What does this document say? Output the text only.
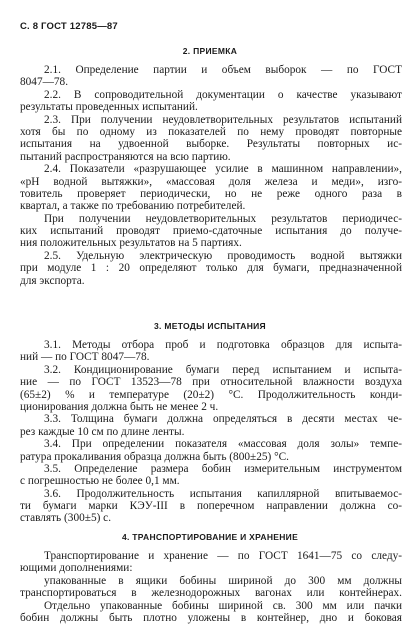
С. 8 ГОСТ 12785—87
2. ПРИЕМКА
2.1. Определение партии и объем выборок — по ГОСТ
8047—78.
2.2. В сопроводительной документации о качестве указывают
результаты проведенных испытаний.
2.3. При получении неудовлетворительных результатов испытаний
хотя бы по одному из показателей по нему проводят повторные
испытания на удвоенной выборке. Результаты повторных ис-
пытаний распространяются на всю партию.
2.4. Показатели «разрушающее усилие в машинном направлении»,
«pH водной вытяжки», «массовая доля железа и меди», изго-
товитель проверяет периодически, но не реже одного раза в
квартал, а также по требованию потребителей.
При получении неудовлетворительных результатов периодичес-
ких испытаний проводят приемо-сдаточные испытания до получе-
ния положительных результатов на 5 партиях.
2.5. Удельную электрическую проводимость водной вытяжки
при модуле 1 : 20 определяют только для бумаги, предназначенной
для экспорта.
3. МЕТОДЫ ИСПЫТАНИЯ
3.1. Методы отбора проб и подготовка образцов для испыта-
ний — по ГОСТ 8047—78.
3.2. Кондиционирование бумаги перед испытанием и испыта-
ние — по ГОСТ 13523—78 при относительной влажности воздуха
(65±2) % и температуре (20±2) °С. Продолжительность конди-
ционирования должна быть не менее 2 ч.
3.3. Толщина бумаги должна определяться в десяти местах че-
рез каждые 10 см по длине ленты.
3.4. При определении показателя «массовая доля золы» темпе-
ратура прокаливания образца должна быть (800±25) °С.
3.5. Определение размера бобин измерительным инструментом
с погрешностью не более 0,1 мм.
3.6. Продолжительность испытания капиллярной впитываемос-
ти бумаги марки КЭУ-III в поперечном направлении должна со-
ставлять (300±5) с.
4. ТРАНСПОРТИРОВАНИЕ И ХРАНЕНИЕ
Транспортирование и хранение — по ГОСТ 1641—75 со следу-
ющими дополнениями:
упакованные в ящики бобины шириной до 300 мм должны
транспортироваться в железнодорожных вагонах или контейнерах.
Отдельно упакованные бобины шириной св. 300 мм или пачки
бобин должны быть плотно уложены в контейнер, дно и боковая
